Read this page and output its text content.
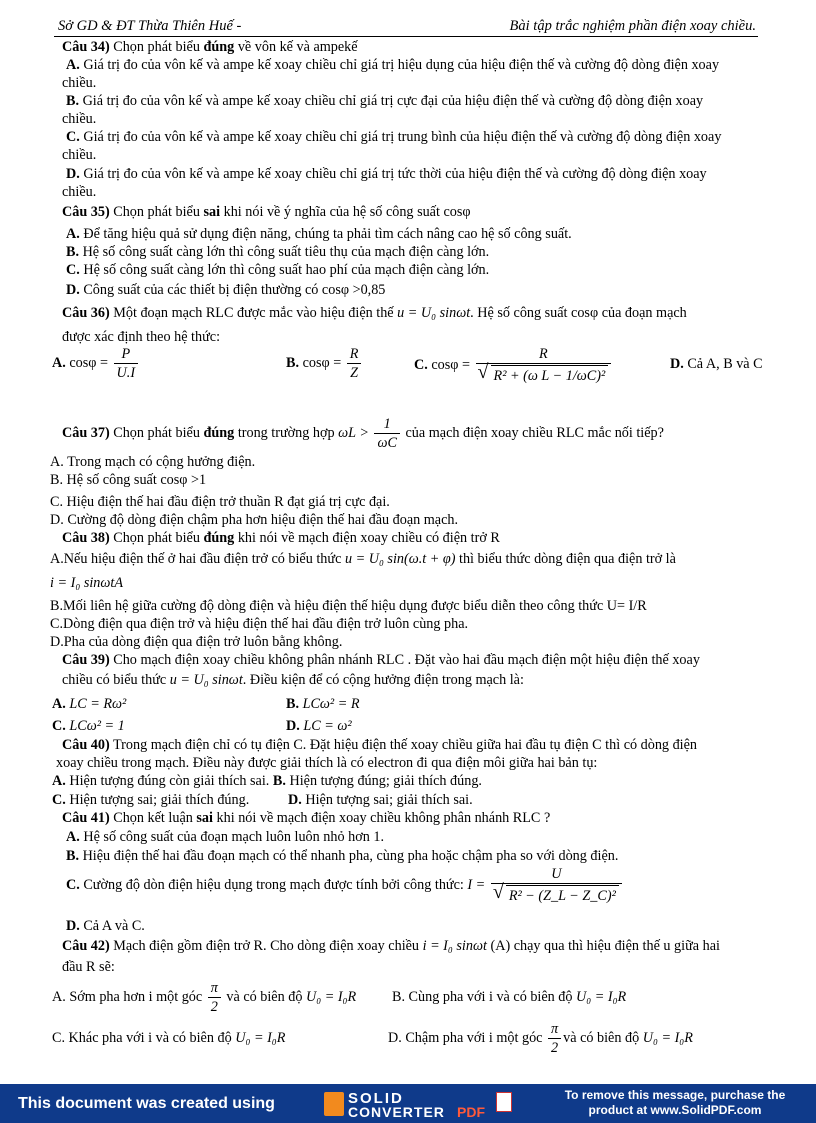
Sở GD & ĐT Thừa Thiên Huế -	Bài tập trắc nghiệm phần điện xoay chiều.
Câu 34) Chọn phát biểu đúng về vôn kế và ampekế
A. Giá trị đo của vôn kế và ampe kế xoay chiều chỉ giá trị hiệu dụng của hiệu điện thế và cường độ dòng điện xoay
chiều.
B. Giá trị đo của vôn kế và ampe kế xoay chiều chỉ giá trị cực đại của hiệu điện thế và cường độ dòng điện xoay
chiều.
C. Giá trị đo của vôn kế và ampe kế xoay chiều chỉ giá trị trung bình của hiệu điện thế và cường độ dòng điện xoay
chiều.
D. Giá trị đo của vôn kế và ampe kế xoay chiều chỉ giá trị tức thời của hiệu điện thế và cường độ dòng điện xoay
chiều.
Câu 35) Chọn phát biểu sai khi nói về ý nghĩa của hệ số công suất cosφ
A. Để tăng hiệu quả sử dụng điện năng, chúng ta phải tìm cách nâng cao hệ số công suất.
B. Hệ số công suất càng lớn thì công suất tiêu thụ của mạch điện càng lớn.
C. Hệ số công suất càng lớn thì công suất hao phí của mạch điện càng lớn.
D. Công suất của các thiết bị điện thường có cosφ >0,85
Câu 36) Một đoạn mạch RLC được mắc vào hiệu điện thế u = U₀ sinωt. Hệ số công suất cosφ của đoạn mạch
được xác định theo hệ thức:
A. $\cos\varphi = \frac{P}{U.I}$	B. $\cos\varphi = \frac{R}{Z}$	C. cosφ = R
√ R² + (ω L − 1/ωC)²	D. Cả A, B và C
Câu 37) Chọn phát biểu đúng trong trường hợp $\omega L > \frac{1}{\omega C}$ của mạch điện xoay chiều RLC mắc nối tiếp?
A. Trong mạch có cộng hưởng điện.
B. Hệ số công suất cosφ >1
C. Hiệu điện thế hai đầu điện trở thuần R đạt giá trị cực đại.
D. Cường độ dòng điện chậm pha hơn hiệu điện thế hai đầu đoạn mạch.
Câu 38) Chọn phát biểu đúng khi nói về mạch điện xoay chiều có điện trở R
A.Nếu hiệu điện thế ở hai đầu điện trở có biểu thức u = U₀ sin(ω.t + φ) thì biểu thức dòng điện qua điện trở là
i = I₀ sinωtA
B.Mối liên hệ giữa cường độ dòng điện và hiệu điện thế hiệu dụng được biểu diễn theo công thức U= I/R
C.Dòng điện qua điện trở và hiệu điện thế hai đầu điện trở luôn cùng pha.
D.Pha của dòng điện qua điện trở luôn bằng không.
Câu 39) Cho mạch điện xoay chiều không phân nhánh RLC . Đặt vào hai đầu mạch điện một hiệu điện thế xoay
chiều có biểu thức u = U₀ sinωt. Điều kiện để có cộng hưởng điện trong mạch là:
A. LC = Rω²	B. LCω² = R
C. LCω² = 1	D. LC = ω²
Câu 40) Trong mạch điện chỉ có tụ điện C. Đặt hiệu điện thế xoay chiều giữa hai đầu tụ điện C thì có dòng điện
xoay chiều trong mạch. Điều này được giải thích là có electron đi qua điện môi giữa hai bản tụ:
A. Hiện tượng đúng còn giải thích sai. B. Hiện tượng đúng; giải thích đúng.
C. Hiện tượng sai; giải thích đúng.	D. Hiện tượng sai; giải thích sai.
Câu 41) Chọn kết luận sai khi nói về mạch điện xoay chiều không phân nhánh RLC ?
A. Hệ số công suất của đoạn mạch luôn luôn nhỏ hơn 1.
B. Hiệu điện thế hai đầu đoạn mạch có thể nhanh pha, cùng pha hoặc chậm pha so với dòng điện.
C. Cường độ dòn điện hiệu dụng trong mạch được tính bởi công thức: I = U
√ R² − (Z_L − Z_C)²
D. Cả A và C.
Câu 42) Mạch điện gồm điện trở R. Cho dòng điện xoay chiều i = I₀ sinωt (A) chạy qua thì hiệu điện thế u giữa hai
đầu R sẽ:
A. Sớm pha hơn i một góc $\frac{\pi}{2}$ và có biên độ U₀ = I₀R	B. Cùng pha với i và có biên độ U₀ = I₀R
C. Khác pha với i và có biên độ U₀ = I₀R	D. Chậm pha với i một góc $\frac{\pi}{2}$ và có biên độ U₀ = I₀R
This document was created using	SOLID
CONVERTER PDF
To remove this message, purchase the
product at www.SolidPDF.com
